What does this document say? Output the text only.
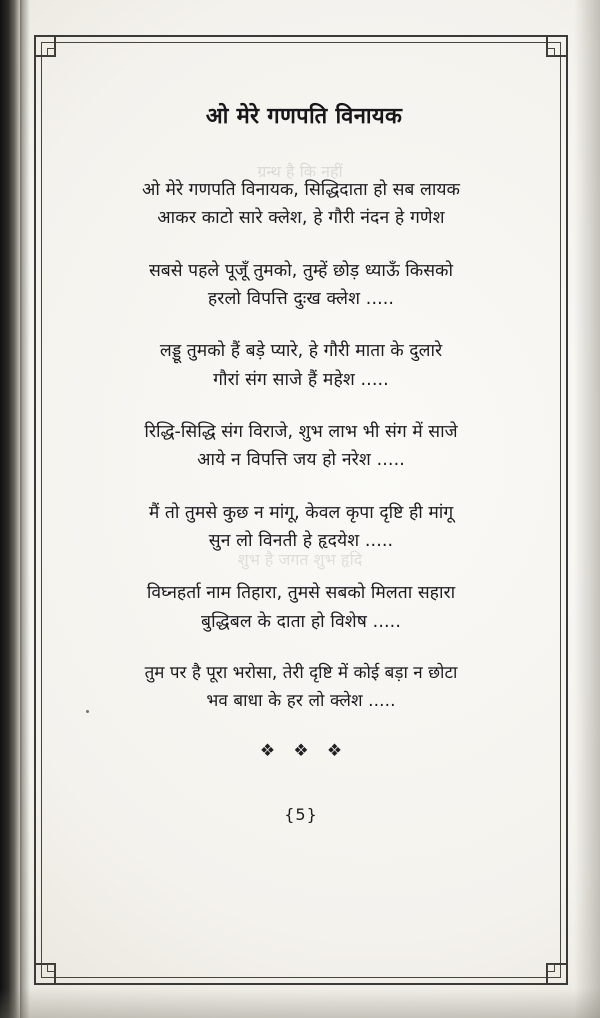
ग्रन्थ है कि नहीं
शुभ है जगत शुभ हृदि
ओ मेरे गणपति विनायक
ओ मेरे गणपति विनायक, सिद्धिदाता हो सब लायक
आकर काटो सारे क्लेश, हे गौरी नंदन हे गणेश
सबसे पहले पूजूँ तुमको, तुम्हें छोड़ ध्याऊँ किसको
हरलो विपत्ति दुःख क्लेश .....
लड्डू तुमको हैं बड़े प्यारे, हे गौरी माता के दुलारे
गौरां संग साजे हैं महेश .....
रिद्धि-सिद्धि संग विराजे, शुभ लाभ भी संग में साजे
आये न विपत्ति जय हो नरेश .....
मैं तो तुमसे कुछ न मांगू, केवल कृपा दृष्टि ही मांगू
सुन लो विनती हे हृदयेश .....
विघ्नहर्ता नाम तिहारा, तुमसे सबको मिलता सहारा
बुद्धिबल के दाता हो विशेष .....
तुम पर है पूरा भरोसा, तेरी दृष्टि में कोई बड़ा न छोटा
भव बाधा के हर लो क्लेश .....
❖ ❖ ❖
{5}
